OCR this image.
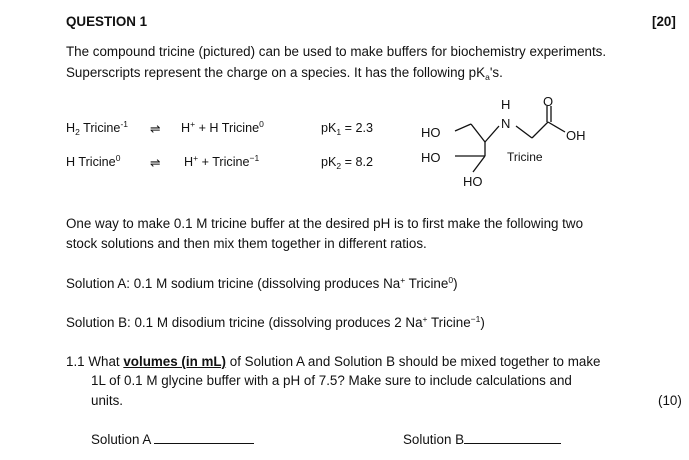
QUESTION 1	[20]
The compound tricine (pictured) can be used to make buffers for biochemistry experiments.
Superscripts represent the charge on a species. It has the following $pK_a's$.
$H_2$ Tricine$^{-1}$ ⇌ H+ + H Tricine$^0$	$pK_1 = 2.3$
H Tricine$^0$ ⇌ H+ + Tricine$^{-1}$	$pK_2 = 8.2$
H
N
O
OH
HO
HO
HO
Tricine
One way to make 0.1 M tricine buffer at the desired pH is to first make the following two
stock solutions and then mix them together in different ratios.
Solution A: 0.1 M sodium tricine (dissolving produces Na+ Tricine$^0$)
Solution B: 0.1 M disodium tricine (dissolving produces 2 Na+ Tricine$^{-1}$)
1.1 What volumes (in mL) of Solution A and Solution B should be mixed together to make
1L of 0.1 M glycine buffer with a pH of 7.5? Make sure to include calculations and
units.	(10)
Solution A	Solution B
